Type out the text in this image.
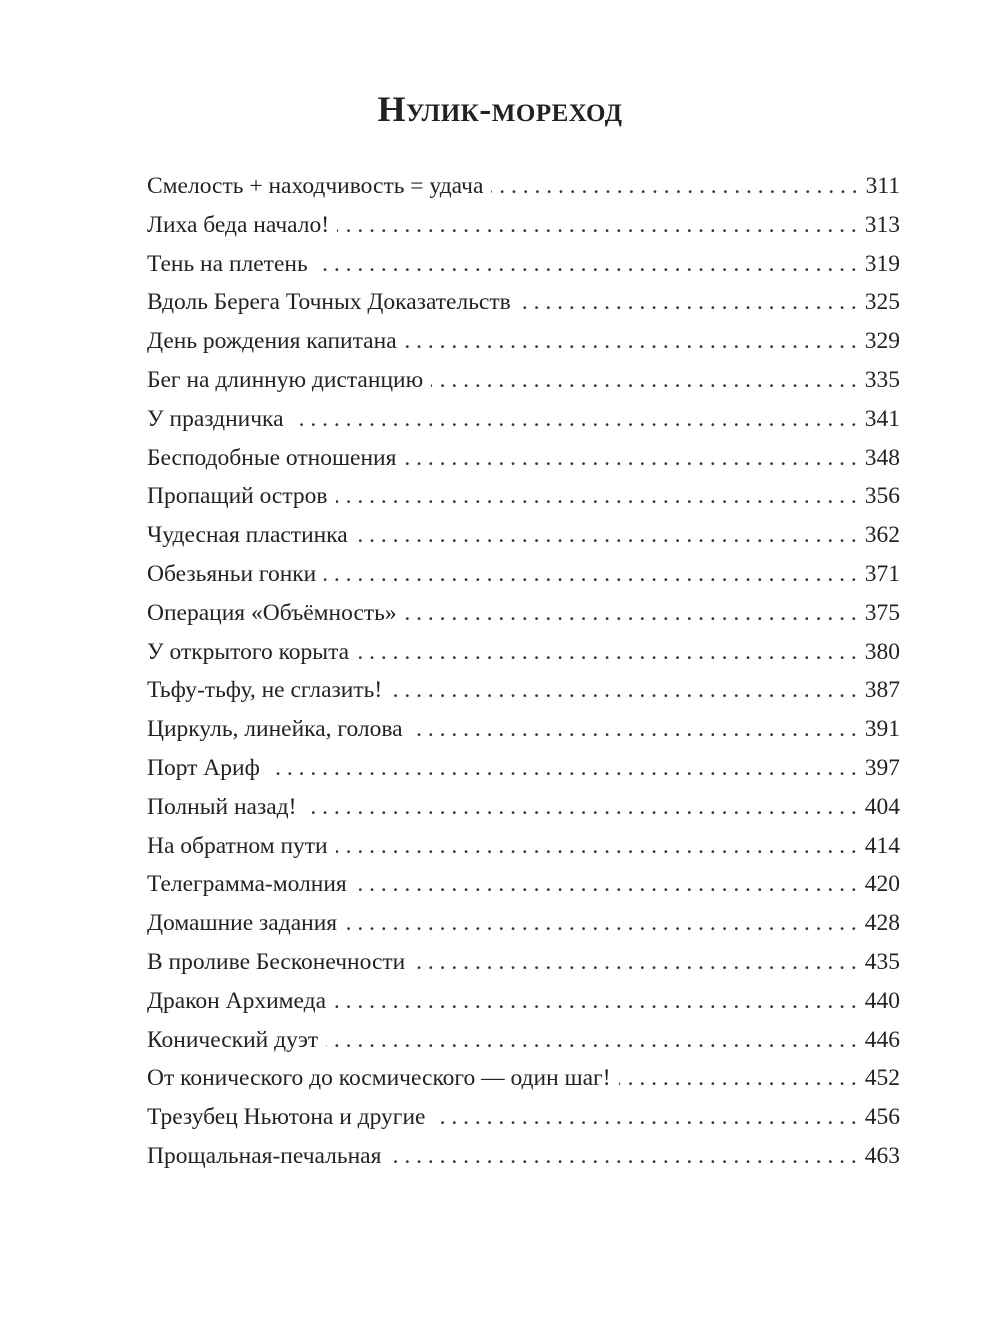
Нулик-мореход
Смелость + находчивость = удача . . .	311
Лиха беда начало! . . .	313
Тень на плетень . . .	319
Вдоль Берега Точных Доказательств . . .	325
День рождения капитана . . .	329
Бег на длинную дистанцию . . .	335
У праздничка . . .	341
Бесподобные отношения . . .	348
Пропащий остров . . .	356
Чудесная пластинка . . .	362
Обезьяньи гонки . . .	371
Операция «Объёмность» . . .	375
У открытого корыта . . .	380
Тьфу-тьфу, не сглазить! . . .	387
Циркуль, линейка, голова . . .	391
Порт Ариф . . .	397
Полный назад! . . .	404
На обратном пути . . .	414
Телеграмма-молния . . .	420
Домашние задания . . .	428
В проливе Бесконечности . . .	435
Дракон Архимеда . . .	440
Конический дуэт . . .	446
От конического до космического — один шаг! . . .	452
Трезубец Ньютона и другие . . .	456
Прощальная-печальная . . .	463
